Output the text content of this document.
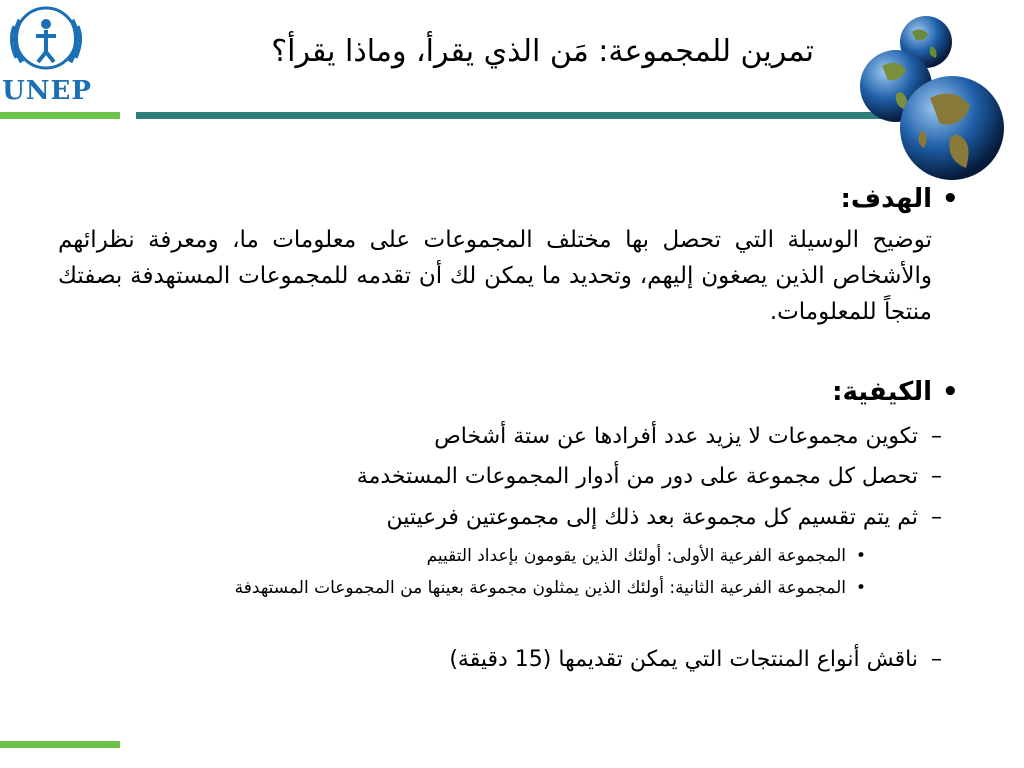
UNEP
تمرين للمجموعة: مَن الذي يقرأ، وماذا يقرأ؟
•
الهدف:
توضيح الوسيلة التي تحصل بها مختلف المجموعات على معلومات ما، ومعرفة نظرائهم والأشخاص الذين يصغون إليهم، وتحديد ما يمكن لك أن تقدمه للمجموعات المستهدفة بصفتك منتجاً للمعلومات.
•
الكيفية:
–
تكوين مجموعات لا يزيد عدد أفرادها عن ستة أشخاص
–
تحصل كل مجموعة على دور من أدوار المجموعات المستخدمة
–
ثم يتم تقسيم كل مجموعة بعد ذلك إلى مجموعتين فرعيتين
•
المجموعة الفرعية الأولى: أولئك الذين يقومون بإعداد التقييم
•
المجموعة الفرعية الثانية: أولئك الذين يمثلون مجموعة بعينها من المجموعات المستهدفة
–
ناقش أنواع المنتجات التي يمكن تقديمها (15 دقيقة)
